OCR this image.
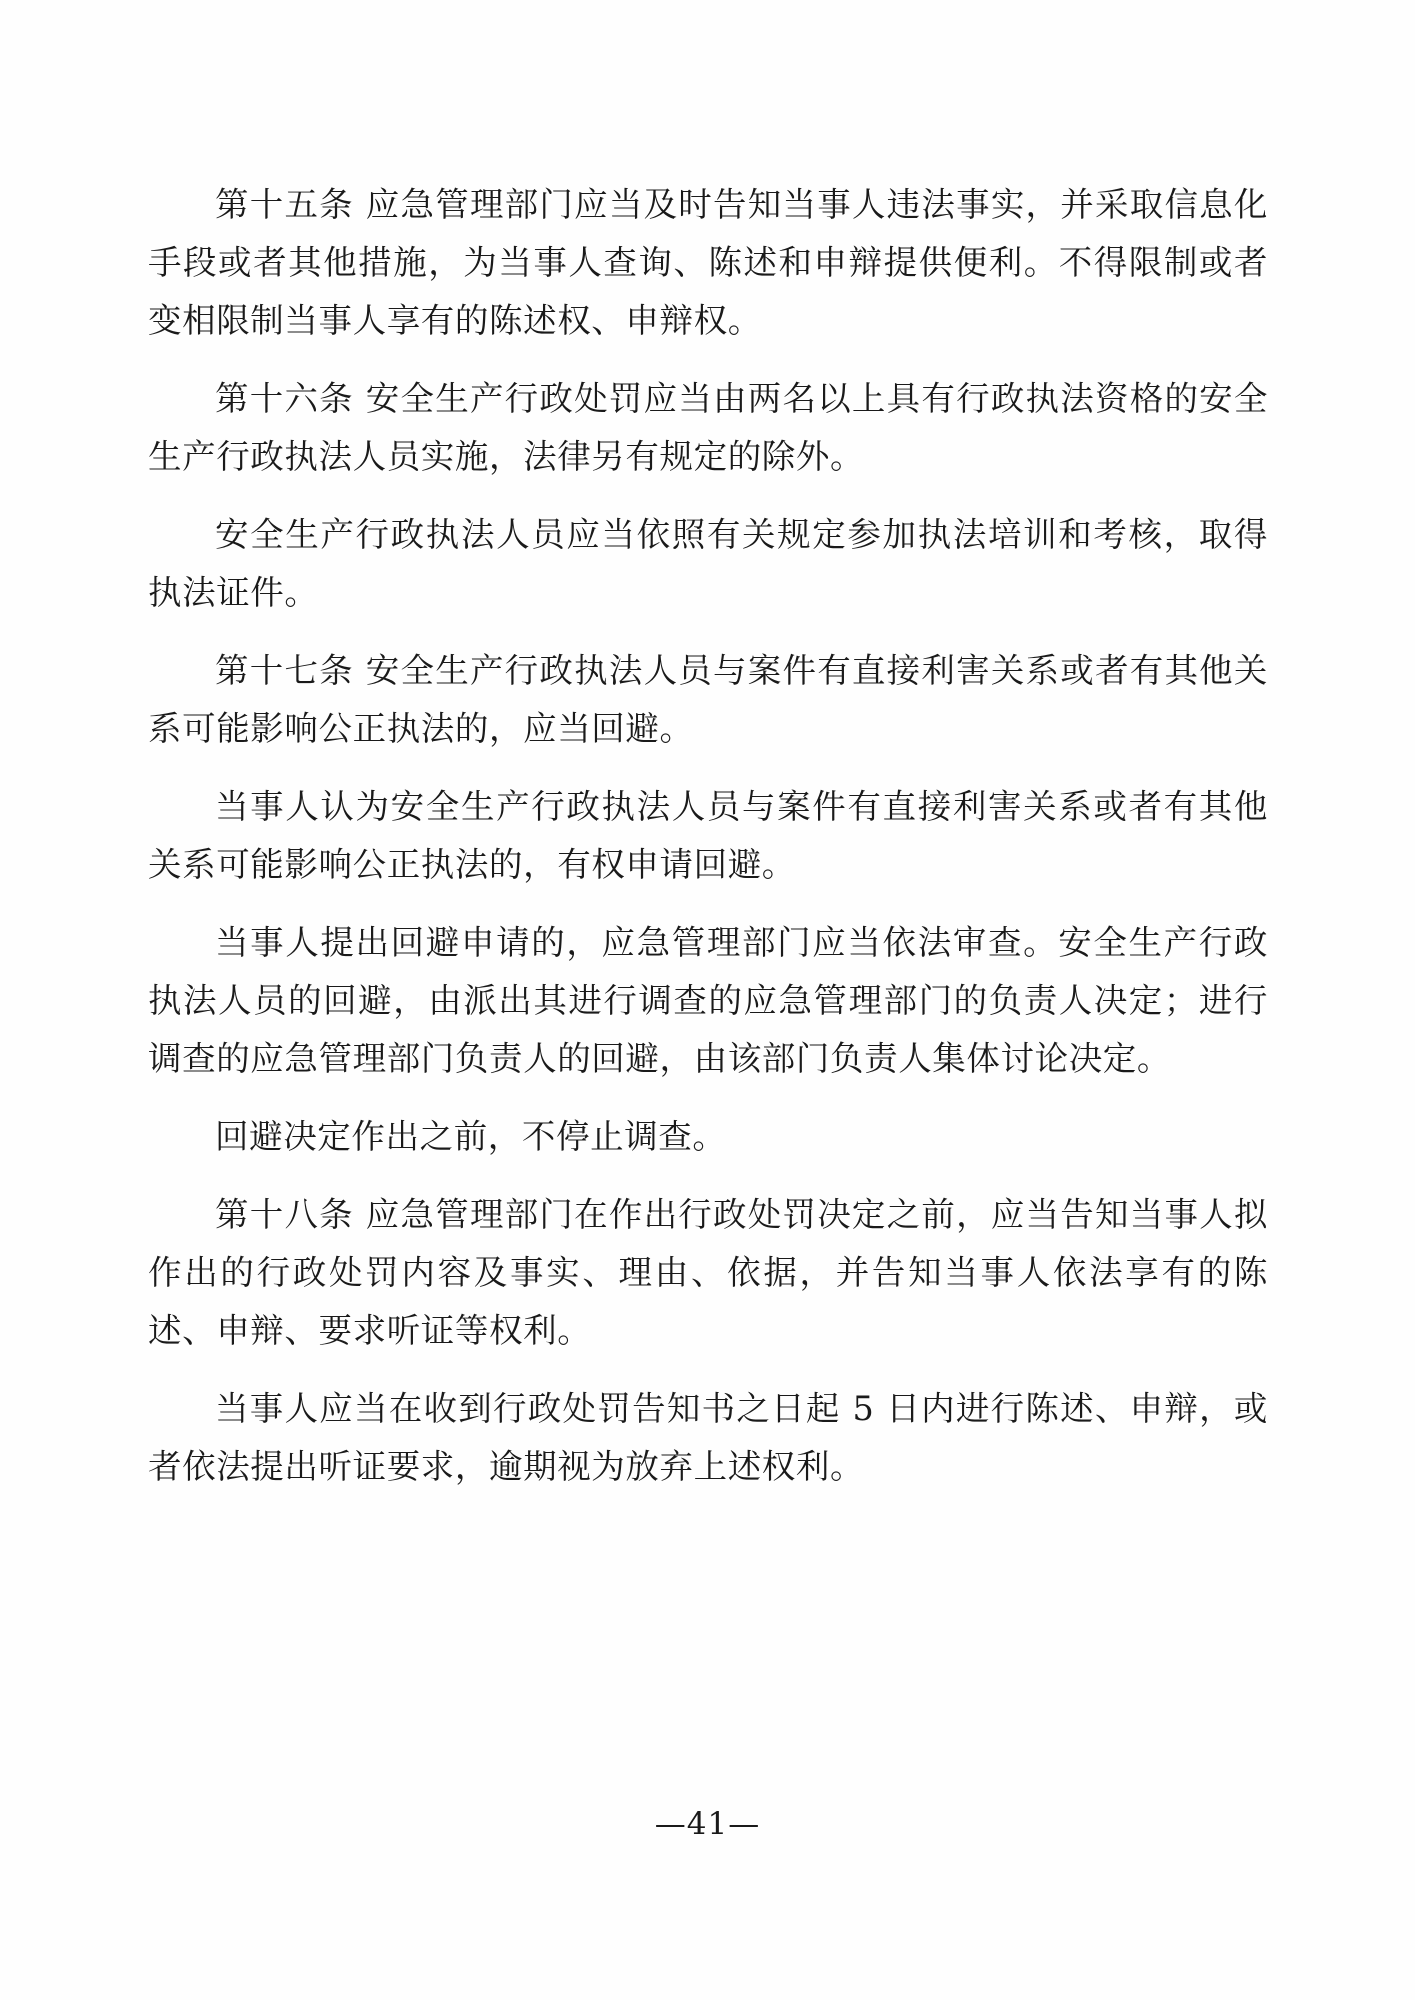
第十五条 应急管理部门应当及时告知当事人违法事实，并采取信息化手段或者其他措施，为当事人查询、陈述和申辩提供便利。不得限制或者变相限制当事人享有的陈述权、申辩权。

第十六条 安全生产行政处罚应当由两名以上具有行政执法资格的安全生产行政执法人员实施，法律另有规定的除外。

安全生产行政执法人员应当依照有关规定参加执法培训和考核，取得执法证件。

第十七条 安全生产行政执法人员与案件有直接利害关系或者有其他关系可能影响公正执法的，应当回避。

当事人认为安全生产行政执法人员与案件有直接利害关系或者有其他关系可能影响公正执法的，有权申请回避。

当事人提出回避申请的，应急管理部门应当依法审查。安全生产行政执法人员的回避，由派出其进行调查的应急管理部门的负责人决定；进行调查的应急管理部门负责人的回避，由该部门负责人集体讨论决定。

回避决定作出之前，不停止调查。

第十八条 应急管理部门在作出行政处罚决定之前，应当告知当事人拟作出的行政处罚内容及事实、理由、依据，并告知当事人依法享有的陈述、申辩、要求听证等权利。

当事人应当在收到行政处罚告知书之日起 5 日内进行陈述、申辩，或者依法提出听证要求，逾期视为放弃上述权利。

—41—
